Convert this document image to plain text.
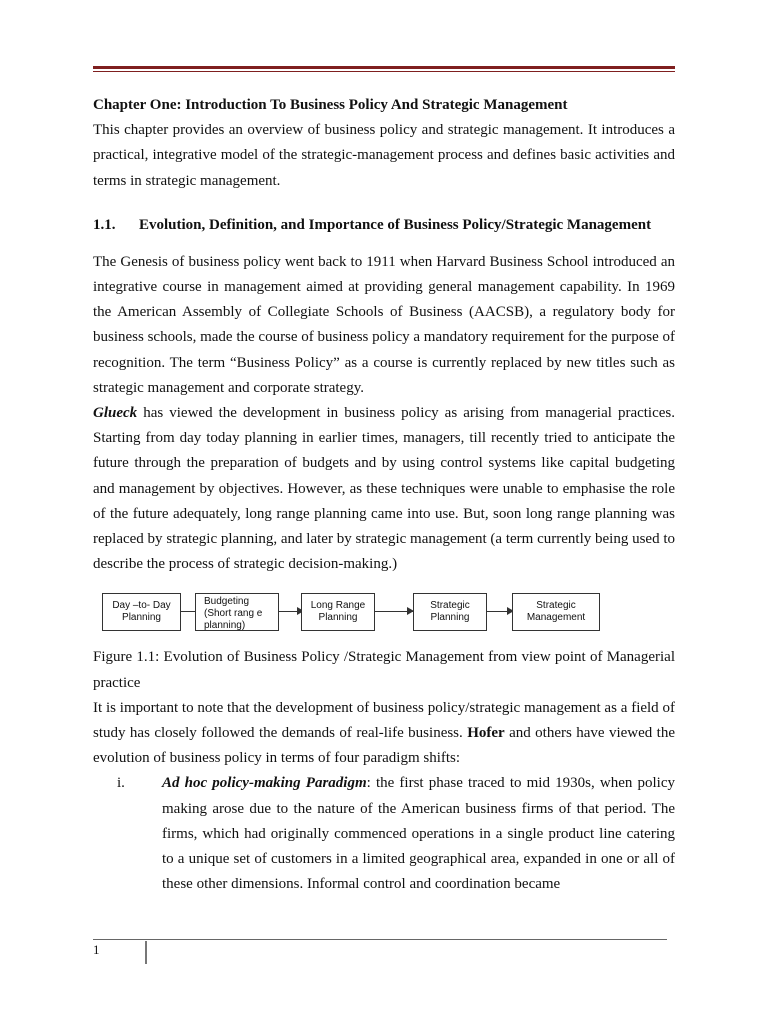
Chapter One: Introduction To Business Policy And Strategic Management

This chapter provides an overview of business policy and strategic management. It introduces a practical, integrative model of the strategic-management process and defines basic activities and terms in strategic management.

1.1.	Evolution, Definition, and Importance of Business Policy/Strategic Management

The Genesis of business policy went back to 1911 when Harvard Business School introduced an integrative course in management aimed at providing general management capability. In 1969 the American Assembly of Collegiate Schools of Business (AACSB), a regulatory body for business schools, made the course of business policy a mandatory requirement for the purpose of recognition. The term “Business Policy” as a course is currently replaced by new titles such as strategic management and corporate strategy.

Glueck has viewed the development in business policy as arising from managerial practices. Starting from day today planning in earlier times, managers, till recently tried to anticipate the future through the preparation of budgets and by using control systems like capital budgeting and management by objectives. However, as these techniques were unable to emphasise the role of the future adequately, long range planning came into use. But, soon long range planning was replaced by strategic planning, and later by strategic management (a term currently being used to describe the process of strategic decision-making.)

Day –to- Day Planning
Budgeting (Short rang e planning)
Long Range Planning
Strategic Planning
Strategic Management

Figure 1.1: Evolution of Business Policy /Strategic Management from view point of Managerial practice

It is important to note that the development of business policy/strategic management as a field of study has closely followed the demands of real-life business. Hofer and others have viewed the evolution of business policy in terms of four paradigm shifts:

i.	Ad hoc policy-making Paradigm: the first phase traced to mid 1930s, when policy making arose due to the nature of the American business firms of that period. The firms, which had originally commenced operations in a single product line catering to a unique set of customers in a limited geographical area, expanded in one or all of these other dimensions. Informal control and coordination became

1
